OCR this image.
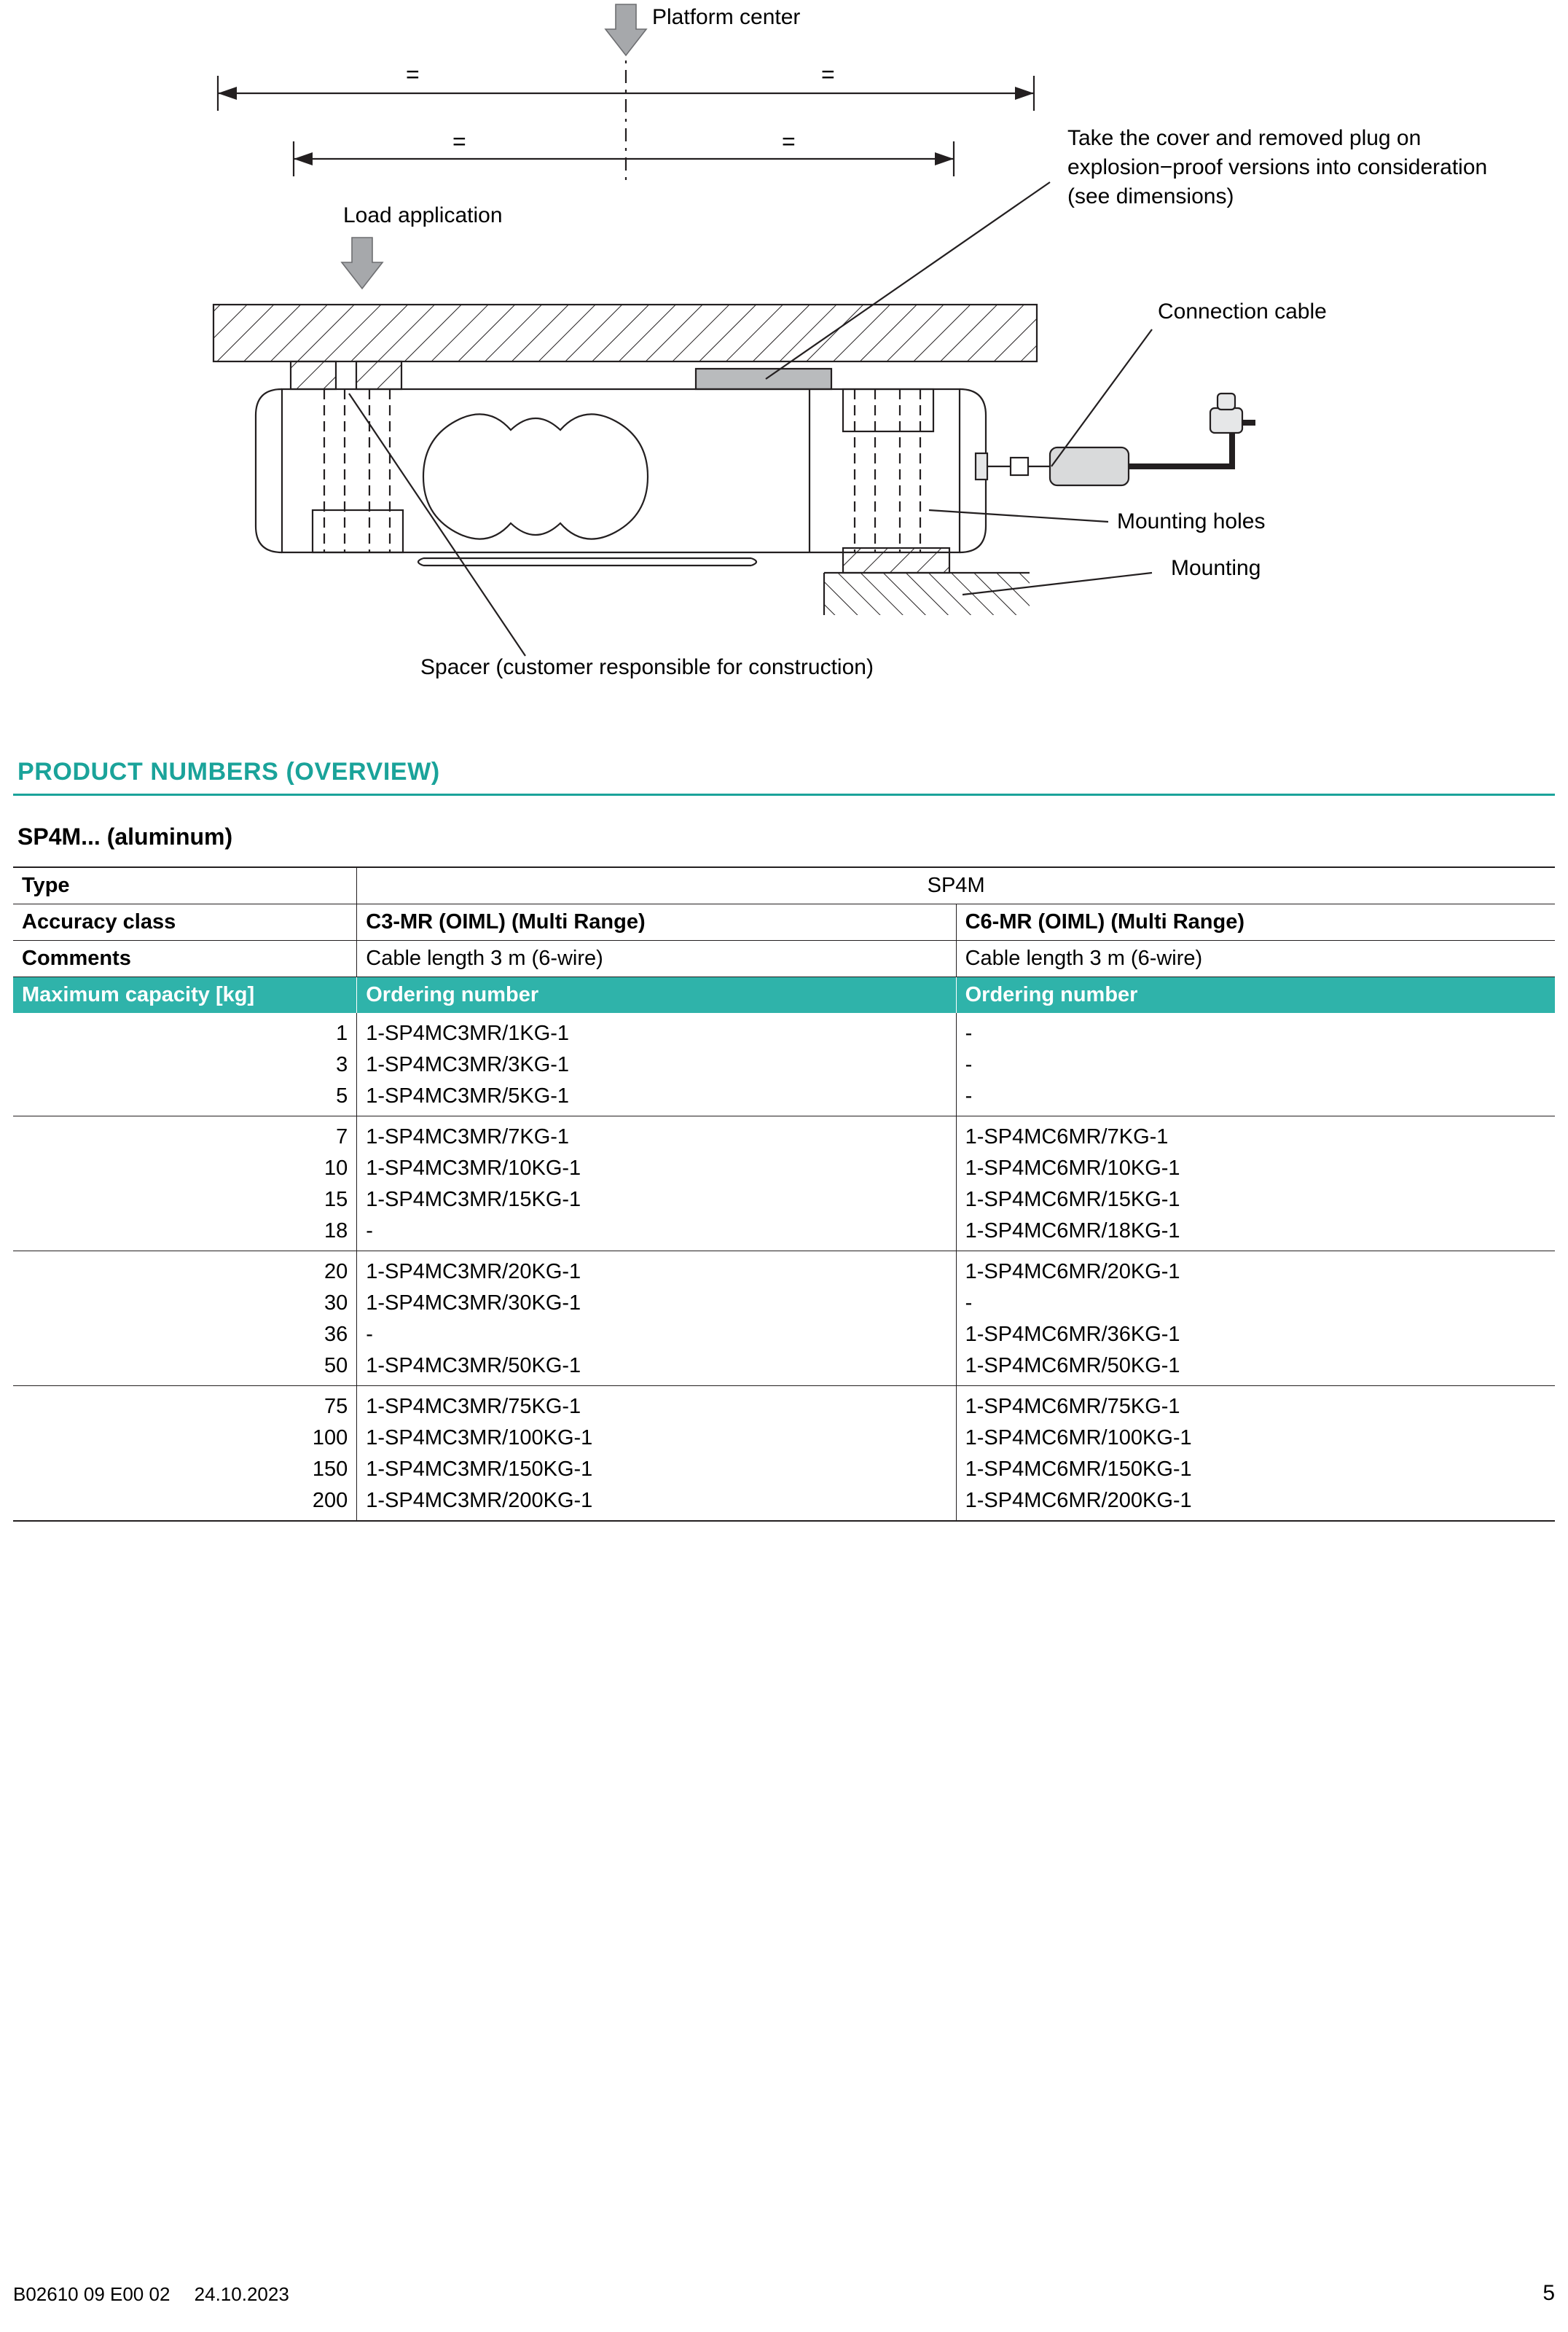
Platform center
=	=
=	=
Load application
Take the cover and removed plug on explosion−proof versions into consideration (see dimensions)
Connection cable
Mounting holes
Mounting
Spacer (customer responsible for construction)
PRODUCT NUMBERS (OVERVIEW)
SP4M... (aluminum)
Type	SP4M	
Accuracy class	C3-MR (OIML) (Multi Range)	C6-MR (OIML) (Multi Range)
Comments	Cable length 3 m (6-wire)	Cable length 3 m (6-wire)
Maximum capacity [kg]	Ordering number	Ordering number
1	1-SP4MC3MR/1KG-1	-
3	1-SP4MC3MR/3KG-1	-
5	1-SP4MC3MR/5KG-1	-
7	1-SP4MC3MR/7KG-1	1-SP4MC6MR/7KG-1
10	1-SP4MC3MR/10KG-1	1-SP4MC6MR/10KG-1
15	1-SP4MC3MR/15KG-1	1-SP4MC6MR/15KG-1
18	-	1-SP4MC6MR/18KG-1
20	1-SP4MC3MR/20KG-1	1-SP4MC6MR/20KG-1
30	1-SP4MC3MR/30KG-1	-
36	-	1-SP4MC6MR/36KG-1
50	1-SP4MC3MR/50KG-1	1-SP4MC6MR/50KG-1
75	1-SP4MC3MR/75KG-1	1-SP4MC6MR/75KG-1
100	1-SP4MC3MR/100KG-1	1-SP4MC6MR/100KG-1
150	1-SP4MC3MR/150KG-1	1-SP4MC6MR/150KG-1
200	1-SP4MC3MR/200KG-1	1-SP4MC6MR/200KG-1
B02610 09 E00 02 24.10.2023	5
